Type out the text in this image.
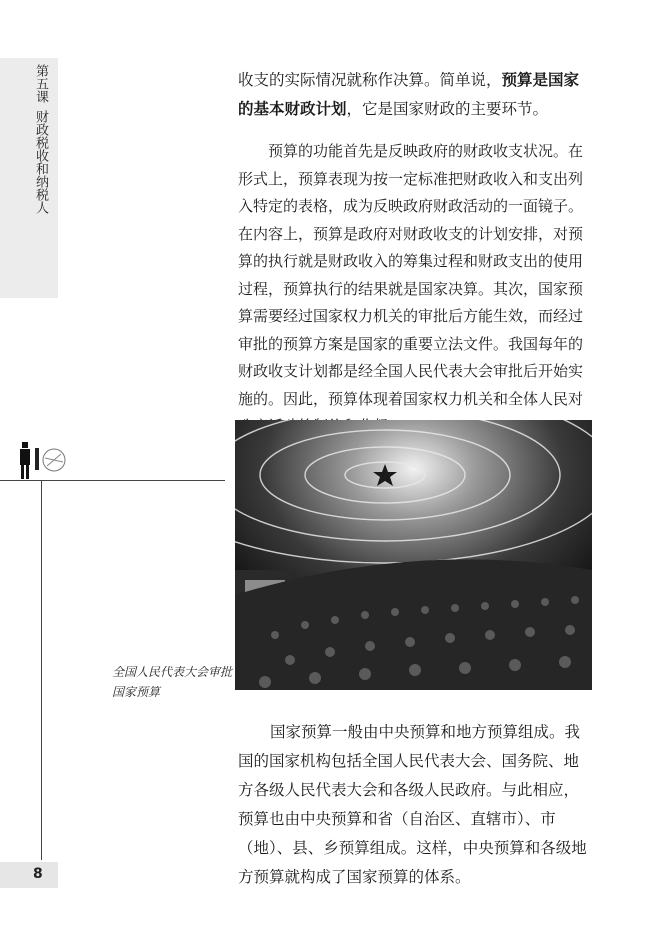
第五课
财政税收和纳税人

收支的实际情况就称作决算。简单说，预算是国家的基本财政计划，它是国家财政的主要环节。

预算的功能首先是反映政府的财政收支状况。在形式上，预算表现为按一定标准把财政收入和支出列入特定的表格，成为反映政府财政活动的一面镜子。在内容上，预算是政府对财政收支的计划安排，对预算的执行就是财政收入的筹集过程和财政支出的使用过程，预算执行的结果就是国家决算。其次，国家预算需要经过国家权力机关的审批后方能生效，而经过审批的预算方案是国家的重要立法文件。我国每年的财政收支计划都是经全国人民代表大会审批后开始实施的。因此，预算体现着国家权力机关和全体人民对

全国人民代表大会审批国家预算

国家预算一般由中央预算和地方预算组成。我国的国家机构包括全国人民代表大会、国务院、地方各级人民代表大会和各级人民政府。与此相应，预算也由中央预算和省（自治区、直辖市）、市（地）、县、乡预算组成。这样，中央预算和各级地方预算就构成了国家预算的体系。

8
